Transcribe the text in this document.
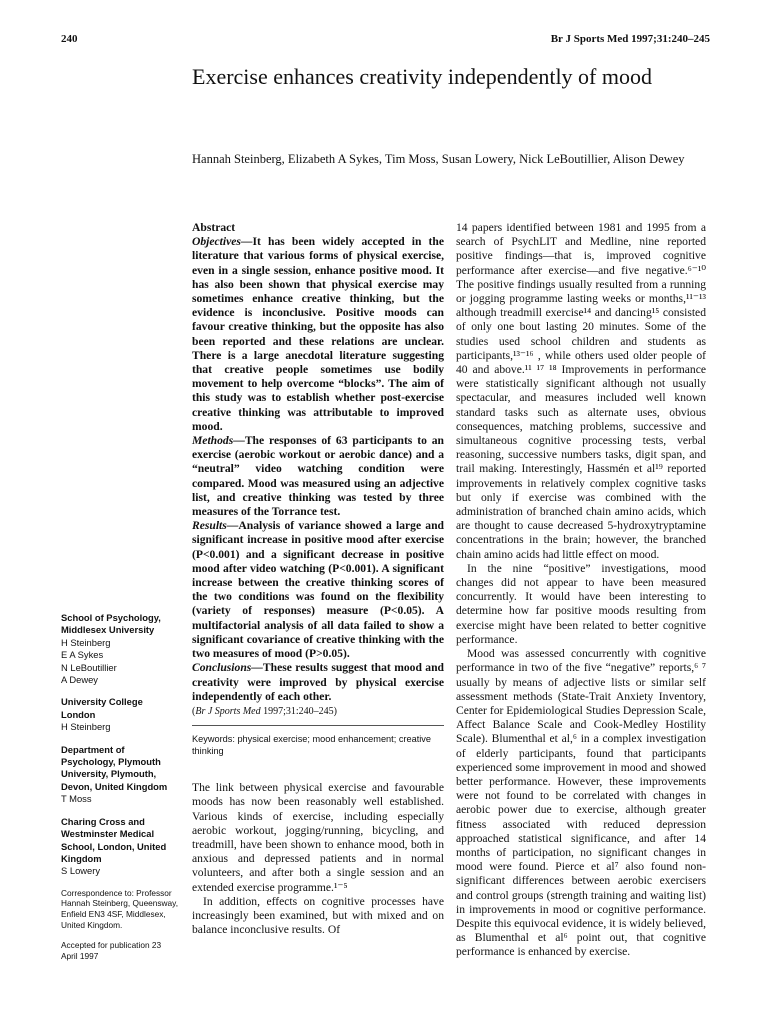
240	Br J Sports Med 1997;31:240–245
Exercise enhances creativity independently of mood
Hannah Steinberg, Elizabeth A Sykes, Tim Moss, Susan Lowery, Nick LeBoutillier, Alison Dewey
School of Psychology, Middlesex University
H Steinberg
E A Sykes
N LeBoutillier
A Dewey
University College London
H Steinberg
Department of Psychology, Plymouth University, Plymouth, Devon, United Kingdom
T Moss
Charing Cross and Westminster Medical School, London, United Kingdom
S Lowery
Correspondence to: Professor Hannah Steinberg, Queensway, Enfield EN3 4SF, Middlesex, United Kingdom.
Accepted for publication 23 April 1997
Abstract

Objectives—It has been widely accepted in the literature that various forms of physical exercise, even in a single session, enhance positive mood. It has also been shown that physical exercise may sometimes enhance creative thinking, but the evidence is inconclusive. Positive moods can favour creative thinking, but the opposite has also been reported and these relations are unclear. There is a large anecdotal literature suggesting that creative people sometimes use bodily movement to help overcome “blocks”. The aim of this study was to establish whether post-exercise creative thinking was attributable to improved mood.

Methods—The responses of 63 participants to an exercise (aerobic workout or aerobic dance) and a “neutral” video watching condition were compared. Mood was measured using an adjective list, and creative thinking was tested by three measures of the Torrance test.

Results—Analysis of variance showed a large and significant increase in positive mood after exercise (P<0.001) and a significant decrease in positive mood after video watching (P<0.001). A significant increase between the creative thinking scores of the two conditions was found on the flexibility (variety of responses) measure (P<0.05). A multifactorial analysis of all data failed to show a significant covariance of creative thinking with the two measures of mood (P>0.05).

Conclusions—These results suggest that mood and creativity were improved by physical exercise independently of each other.

(Br J Sports Med 1997;31:240–245)
Keywords: physical exercise; mood enhancement; creative thinking

The link between physical exercise and favourable moods has now been reasonably well established. Various kinds of exercise, including especially aerobic workout, jogging/running, bicycling, and treadmill, have been shown to enhance mood, both in anxious and depressed patients and in normal volunteers, and after both a single session and an extended exercise programme.¹⁻⁵

In addition, effects on cognitive processes have increasingly been examined, but with mixed and on balance inconclusive results. Of

14 papers identified between 1981 and 1995 from a search of PsychLIT and Medline, nine reported positive findings—that is, improved cognitive performance after exercise—and five negative.⁶⁻¹⁰ The positive findings usually resulted from a running or jogging programme lasting weeks or months,¹¹⁻¹³ although treadmill exercise¹⁴ and dancing¹⁵ consisted of only one bout lasting 20 minutes. Some of the studies used school children and students as participants,¹³⁻¹⁶ , while others used older people of 40 and above.¹¹ ¹⁷ ¹⁸ Improvements in performance were statistically significant although not usually spectacular, and measures included well known standard tasks such as alternate uses, obvious consequences, matching problems, successive and simultaneous cognitive processing tests, verbal reasoning, successive numbers tasks, digit span, and trail making. Interestingly, Hassmén et al¹⁹ reported improvements in relatively complex cognitive tasks but only if exercise was combined with the administration of branched chain amino acids, which are thought to cause decreased 5-hydroxytryptamine concentrations in the brain; however, the branched chain amino acids had little effect on mood.

In the nine “positive” investigations, mood changes did not appear to have been measured concurrently. It would have been interesting to determine how far positive moods resulting from exercise might have been related to better cognitive performance.

Mood was assessed concurrently with cognitive performance in two of the five “negative” reports,⁶ ⁷ usually by means of adjective lists or similar self assessment methods (State-Trait Anxiety Inventory, Center for Epidemiological Studies Depression Scale, Affect Balance Scale and Cook-Medley Hostility Scale). Blumenthal et al,⁶ in a complex investigation of elderly participants, found that participants experienced some improvement in mood and showed better performance. However, these improvements were not found to be correlated with changes in aerobic power due to exercise, although greater fitness associated with reduced depression approached statistical significance, and after 14 months of participation, no significant changes in mood were found. Pierce et al⁷ also found non-significant differences between aerobic exercisers and control groups (strength training and waiting list) in improvements in mood or cognitive performance. Despite this equivocal evidence, it is widely believed, as Blumenthal et al⁶ point out, that cognitive performance is enhanced by exercise.
